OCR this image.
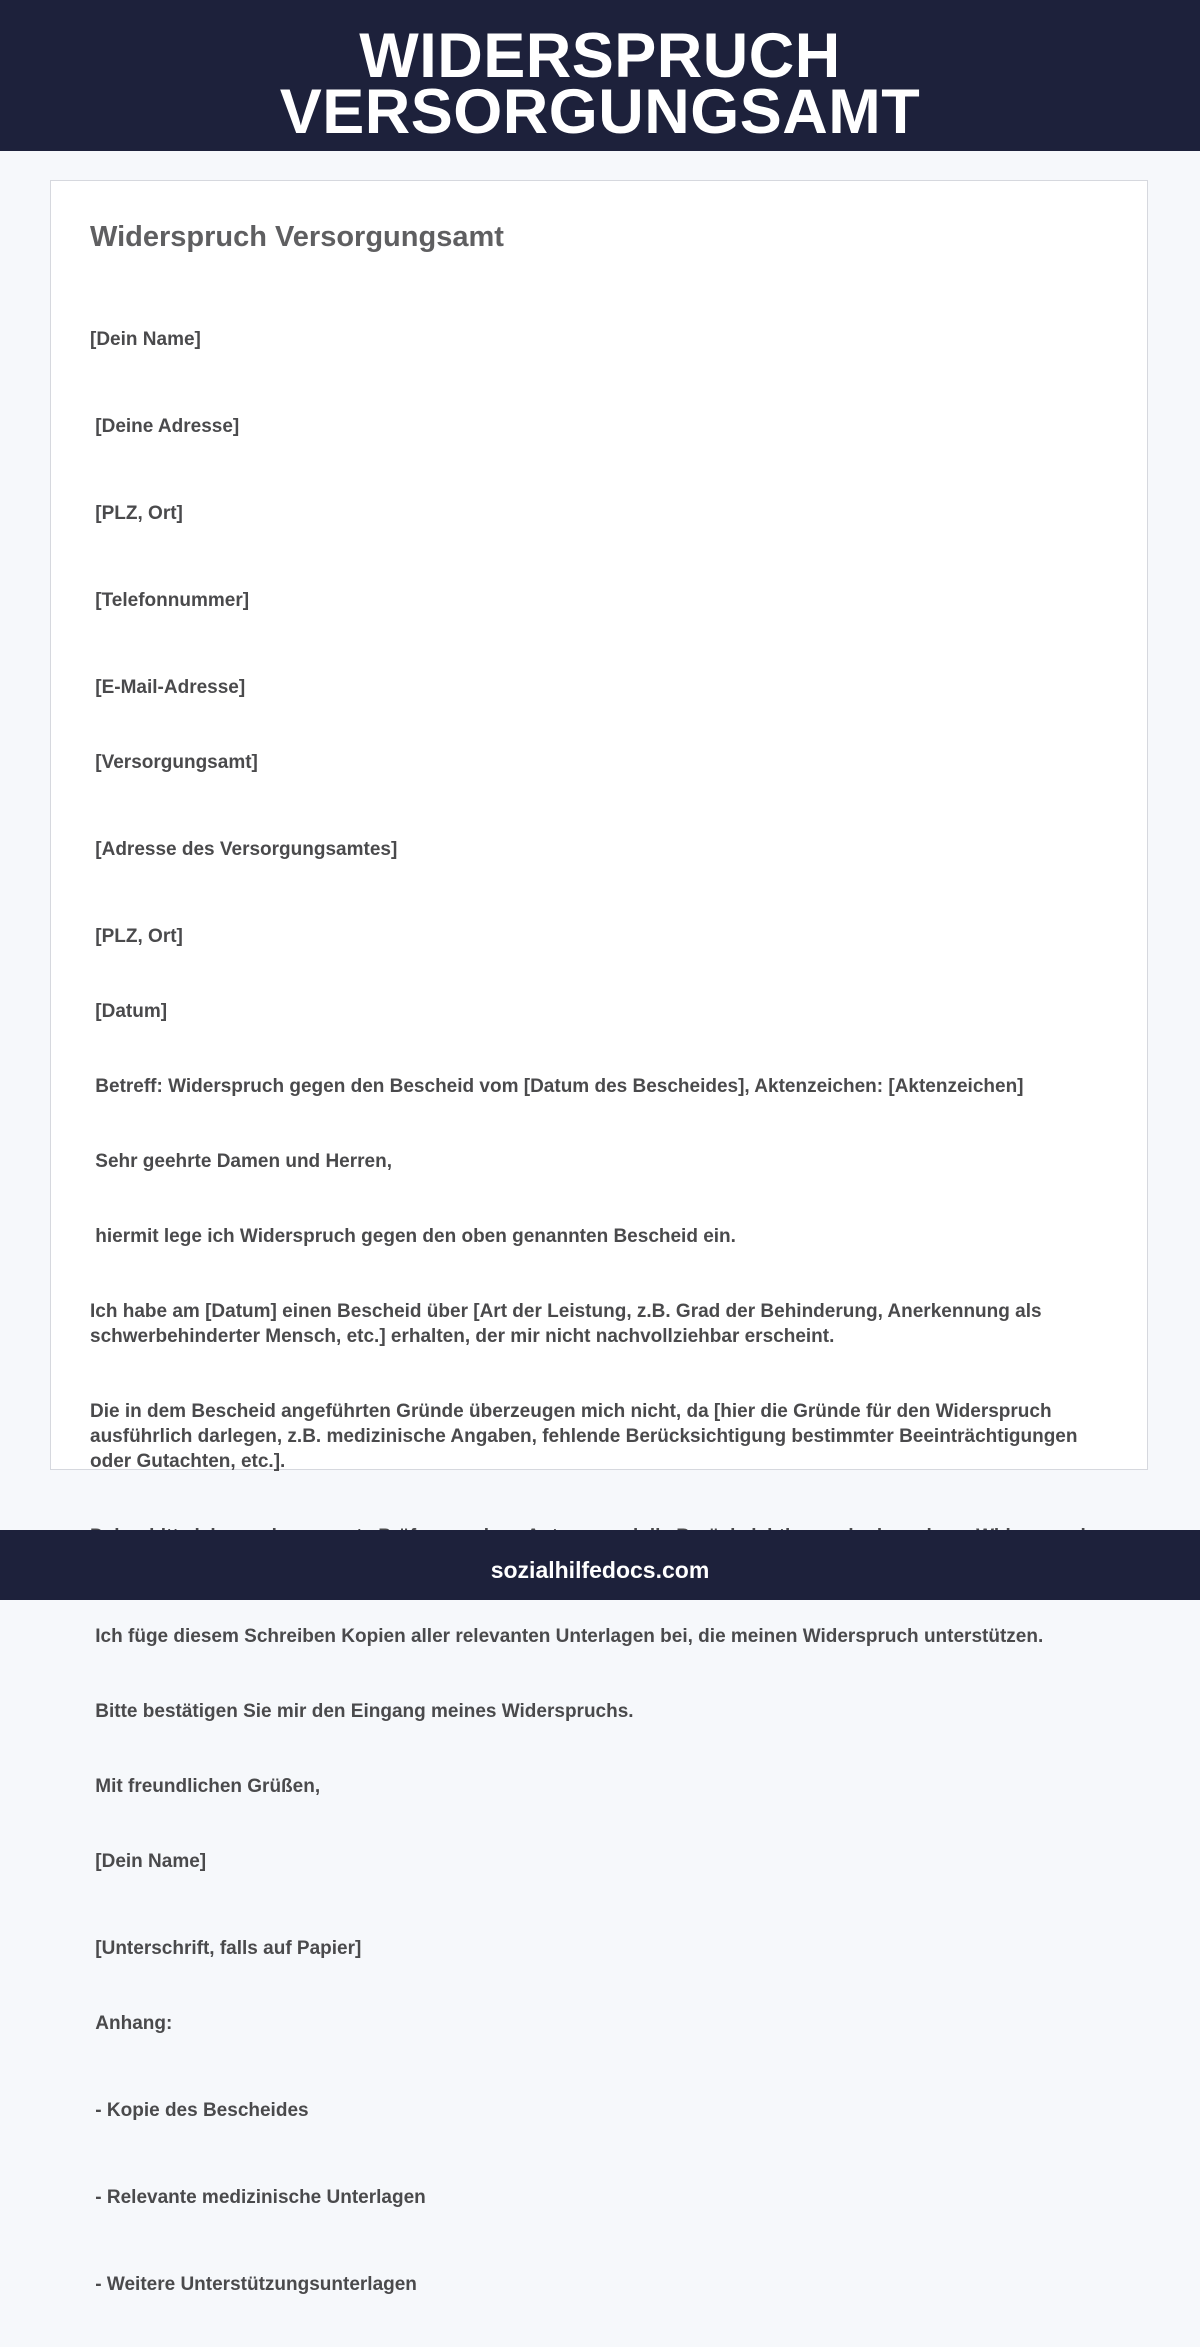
WIDERSPRUCH
VERSORGUNGSAMT
Widerspruch Versorgungsamt

[Dein Name]

[Deine Adresse]

[PLZ, Ort]

[Telefonnummer]

[E-Mail-Adresse]

[Versorgungsamt]

[Adresse des Versorgungsamtes]

[PLZ, Ort]

[Datum]

Betreff: Widerspruch gegen den Bescheid vom [Datum des Bescheides], Aktenzeichen: [Aktenzeichen]

Sehr geehrte Damen und Herren,

hiermit lege ich Widerspruch gegen den oben genannten Bescheid ein.

Ich habe am [Datum] einen Bescheid über [Art der Leistung, z.B. Grad der Behinderung, Anerkennung als schwerbehinderter Mensch, etc.] erhalten, der mir nicht nachvollziehbar erscheint.

Die in dem Bescheid angeführten Gründe überzeugen mich nicht, da [hier die Gründe für den Widerspruch ausführlich darlegen, z.B. medizinische Angaben, fehlende Berücksichtigung bestimmter Beeinträchtigungen oder Gutachten, etc.].

Ich füge diesem Schreiben Kopien aller relevanten Unterlagen bei, die meinen Widerspruch unterstützen.

Bitte bestätigen Sie mir den Eingang meines Widerspruchs.

Mit freundlichen Grüßen,

[Dein Name]

[Unterschrift, falls auf Papier]

Anhang:

- Kopie des Bescheides

- Relevante medizinische Unterlagen

- Weitere Unterstützungsunterlagen

sozialhilfedocs.com
